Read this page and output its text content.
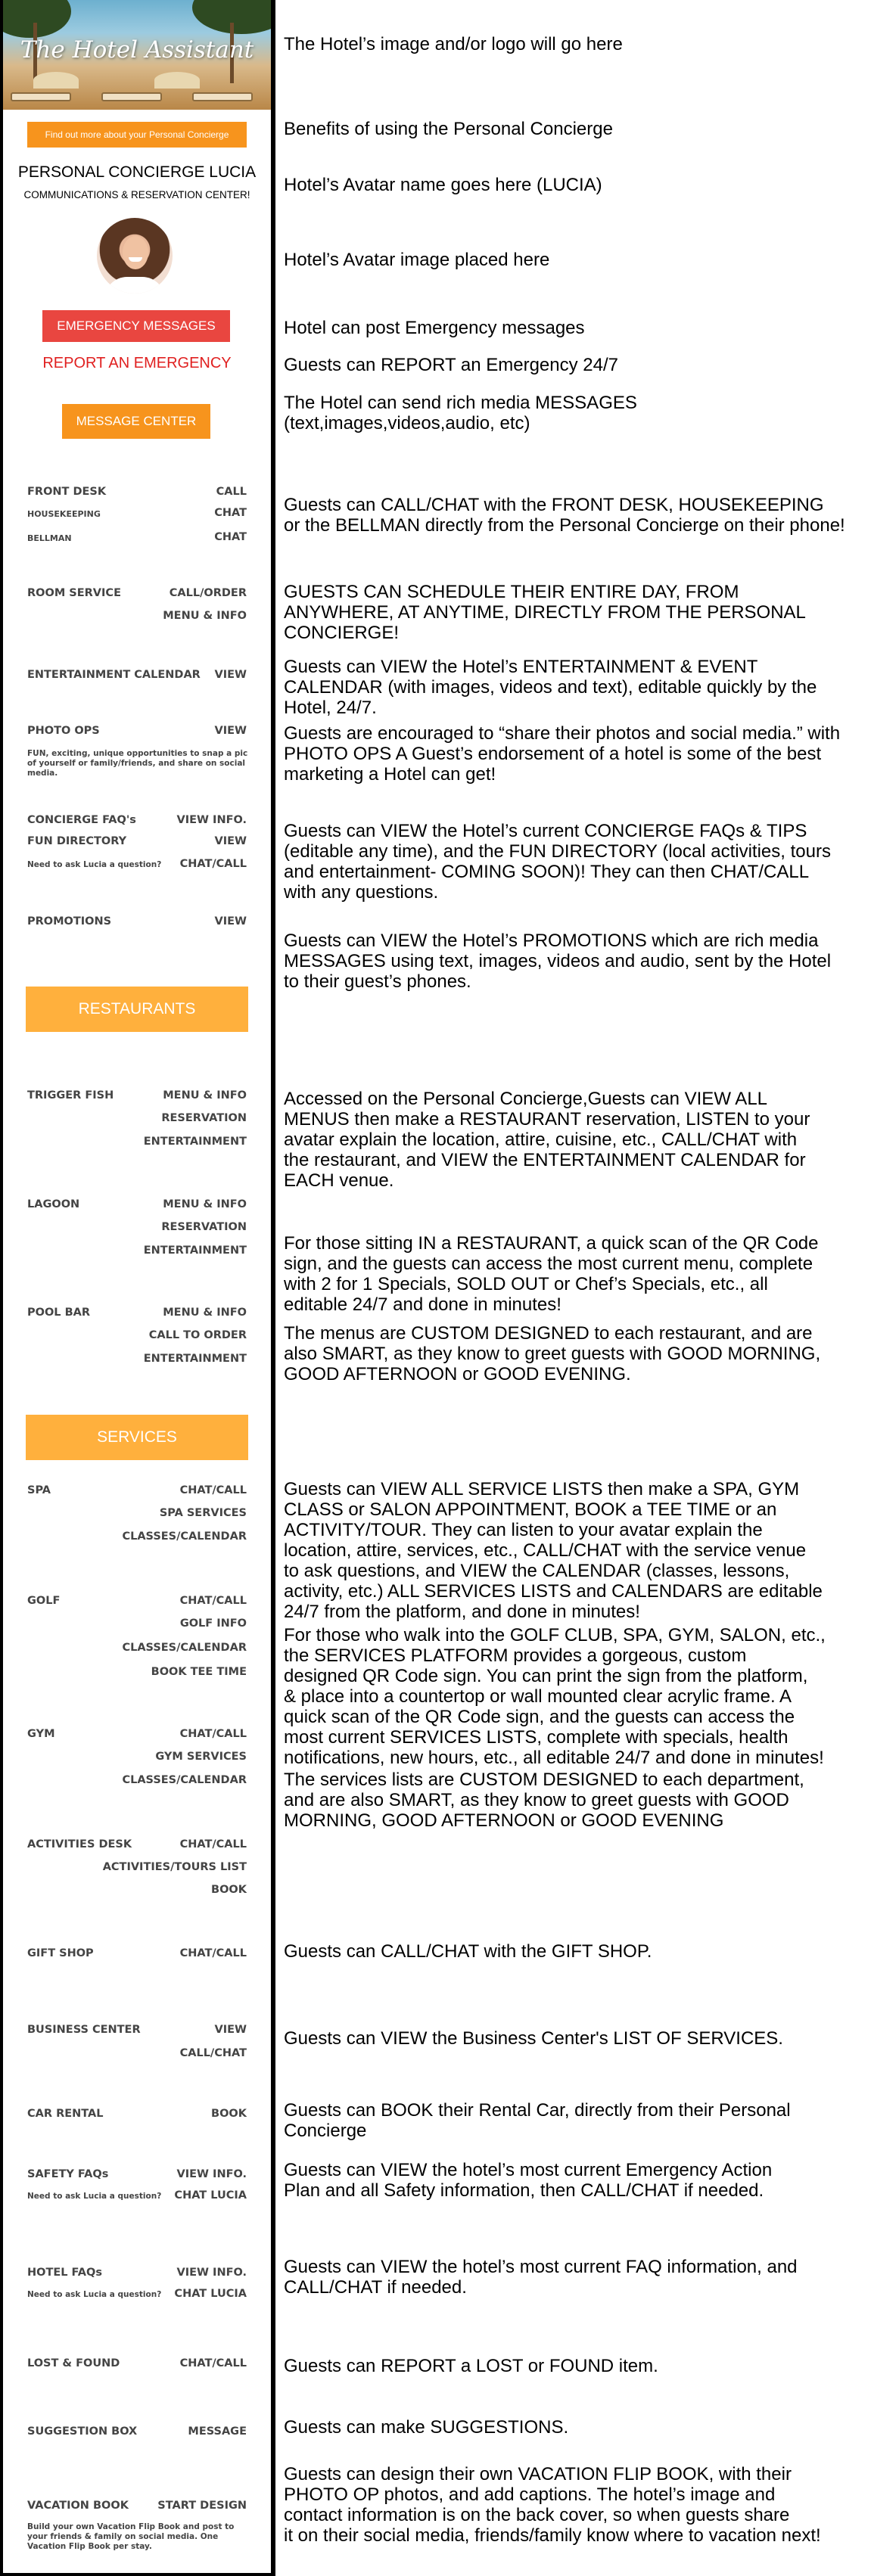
The Hotel Assistant
Find out more about your Personal Concierge
PERSONAL CONCIERGE LUCIA
COMMUNICATIONS & RESERVATION CENTER!
EMERGENCY MESSAGES
REPORT AN EMERGENCY
MESSAGE CENTER
FRONT DESK	CALL
HOUSEKEEPING	CHAT
BELLMAN	CHAT
ROOM SERVICE	CALL/ORDER
MENU & INFO
ENTERTAINMENT CALENDAR VIEW
PHOTO OPS	VIEW
FUN, exciting, unique opportunities to snap a pic of yourself or family/friends, and share on social media.
CONCIERGE FAQ's	VIEW INFO.
FUN DIRECTORY	VIEW
Need to ask Lucia a question? CHAT/CALL
PROMOTIONS	VIEW
RESTAURANTS
TRIGGER FISH	MENU & INFO
RESERVATION
ENTERTAINMENT
LAGOON	MENU & INFO
RESERVATION
ENTERTAINMENT
POOL BAR	MENU & INFO
CALL TO ORDER
ENTERTAINMENT
SERVICES
SPA	CHAT/CALL
SPA SERVICES
CLASSES/CALENDAR
GOLF	CHAT/CALL
GOLF INFO
CLASSES/CALENDAR
BOOK TEE TIME
GYM	CHAT/CALL
GYM SERVICES
CLASSES/CALENDAR
ACTIVITIES DESK	CHAT/CALL
ACTIVITIES/TOURS LIST
BOOK
GIFT SHOP	CHAT/CALL
BUSINESS CENTER	VIEW
CALL/CHAT
CAR RENTAL	BOOK
SAFETY FAQs	VIEW INFO.
Need to ask Lucia a question? CHAT LUCIA
HOTEL FAQs	VIEW INFO.
Need to ask Lucia a question? CHAT LUCIA
LOST & FOUND	CHAT/CALL
SUGGESTION BOX	MESSAGE
VACATION BOOK	START DESIGN
Build your own Vacation Flip Book and post to your friends & family on social media. One Vacation Flip Book per stay.
The Hotel’s image and/or logo will go here
Benefits of using the Personal Concierge
Hotel’s Avatar name goes here (LUCIA)
Hotel’s Avatar image placed here
Hotel can post Emergency messages
Guests can REPORT an Emergency 24/7
The Hotel can send rich media MESSAGES
(text,images,videos,audio, etc)
Guests can CALL/CHAT with the FRONT DESK, HOUSEKEEPING
or the BELLMAN directly from the Personal Concierge on their phone!
GUESTS CAN SCHEDULE THEIR ENTIRE DAY, FROM
ANYWHERE, AT ANYTIME, DIRECTLY FROM THE PERSONAL
CONCIERGE!
Guests can VIEW the Hotel’s ENTERTAINMENT & EVENT
CALENDAR (with images, videos and text), editable quickly by the
Hotel, 24/7.
Guests are encouraged to “share their photos and social media.” with
PHOTO OPS A Guest’s endorsement of a hotel is some of the best
marketing a Hotel can get!
Guests can VIEW the Hotel’s current CONCIERGE FAQs & TIPS
(editable any time), and the FUN DIRECTORY (local activities, tours
and entertainment- COMING SOON)! They can then CHAT/CALL
with any questions.
Guests can VIEW the Hotel’s PROMOTIONS which are rich media
MESSAGES using text, images, videos and audio, sent by the Hotel
to their guest’s phones.
Accessed on the Personal Concierge,Guests can VIEW ALL
MENUS then make a RESTAURANT reservation, LISTEN to your
avatar explain the location, attire, cuisine, etc., CALL/CHAT with
the restaurant, and VIEW the ENTERTAINMENT CALENDAR for
EACH venue.
For those sitting IN a RESTAURANT, a quick scan of the QR Code
sign, and the guests can access the most current menu, complete
with 2 for 1 Specials, SOLD OUT or Chef’s Specials, etc., all
editable 24/7 and done in minutes!
The menus are CUSTOM DESIGNED to each restaurant, and are
also SMART, as they know to greet guests with GOOD MORNING,
GOOD AFTERNOON or GOOD EVENING.
Guests can VIEW ALL SERVICE LISTS then make a SPA, GYM
CLASS or SALON APPOINTMENT, BOOK a TEE TIME or an
ACTIVITY/TOUR. They can listen to your avatar explain the
location, attire, services, etc., CALL/CHAT with the service venue
to ask questions, and VIEW the CALENDAR (classes, lessons,
activity, etc.) ALL SERVICES LISTS and CALENDARS are editable
24/7 from the platform, and done in minutes!
For those who walk into the GOLF CLUB, SPA, GYM, SALON, etc.,
the SERVICES PLATFORM provides a gorgeous, custom
designed QR Code sign. You can print the sign from the platform,
& place into a countertop or wall mounted clear acrylic frame. A
quick scan of the QR Code sign, and the guests can access the
most current SERVICES LISTS, complete with specials, health
notifications, new hours, etc., all editable 24/7 and done in minutes!
The services lists are CUSTOM DESIGNED to each department,
and are also SMART, as they know to greet guests with GOOD
MORNING, GOOD AFTERNOON or GOOD EVENING
Guests can CALL/CHAT with the GIFT SHOP.
Guests can VIEW the Business Center's LIST OF SERVICES.
Guests can BOOK their Rental Car, directly from their Personal
Concierge
Guests can VIEW the hotel’s most current Emergency Action
Plan and all Safety information, then CALL/CHAT if needed.
Guests can VIEW the hotel’s most current FAQ information, and
CALL/CHAT if needed.
Guests can REPORT a LOST or FOUND item.
Guests can make SUGGESTIONS.
Guests can design their own VACATION FLIP BOOK, with their
PHOTO OP photos, and add captions. The hotel’s image and
contact information is on the back cover, so when guests share
it on their social media, friends/family know where to vacation next!
